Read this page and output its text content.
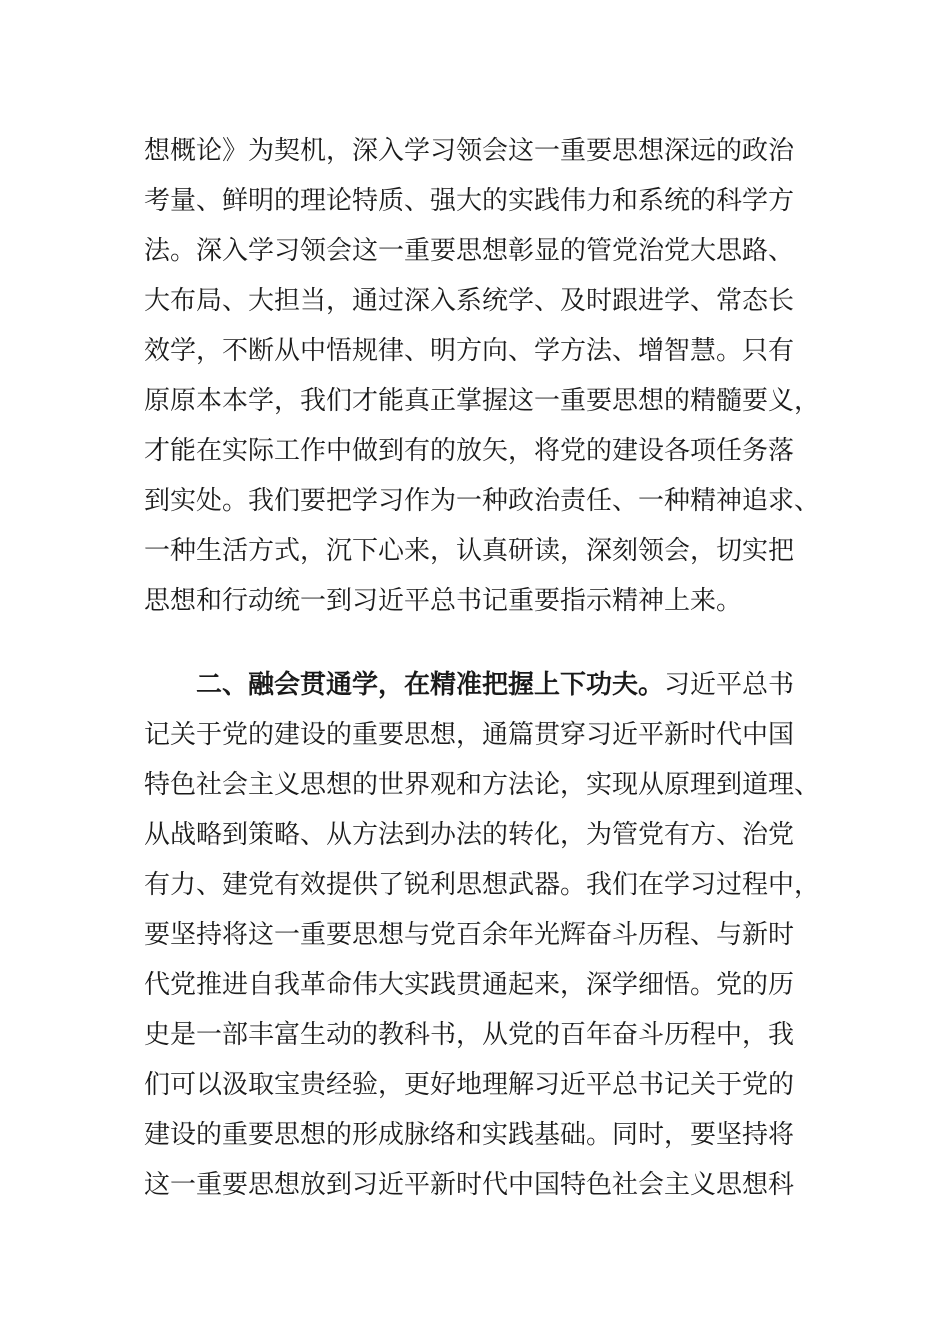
想概论》为契机，深入学习领会这一重要思想深远的政治
考量、鲜明的理论特质、强大的实践伟力和系统的科学方
法。深入学习领会这一重要思想彰显的管党治党大思路、
大布局、大担当，通过深入系统学、及时跟进学、常态长
效学，不断从中悟规律、明方向、学方法、增智慧。只有
原原本本学，我们才能真正掌握这一重要思想的精髓要义，
才能在实际工作中做到有的放矢，将党的建设各项任务落
到实处。我们要把学习作为一种政治责任、一种精神追求、
一种生活方式，沉下心来，认真研读，深刻领会，切实把
思想和行动统一到习近平总书记重要指示精神上来。
二、融会贯通学，在精准把握上下功夫。习近平总书
记关于党的建设的重要思想，通篇贯穿习近平新时代中国
特色社会主义思想的世界观和方法论，实现从原理到道理、
从战略到策略、从方法到办法的转化，为管党有方、治党
有力、建党有效提供了锐利思想武器。我们在学习过程中，
要坚持将这一重要思想与党百余年光辉奋斗历程、与新时
代党推进自我革命伟大实践贯通起来，深学细悟。党的历
史是一部丰富生动的教科书，从党的百年奋斗历程中，我
们可以汲取宝贵经验，更好地理解习近平总书记关于党的
建设的重要思想的形成脉络和实践基础。同时，要坚持将
这一重要思想放到习近平新时代中国特色社会主义思想科
